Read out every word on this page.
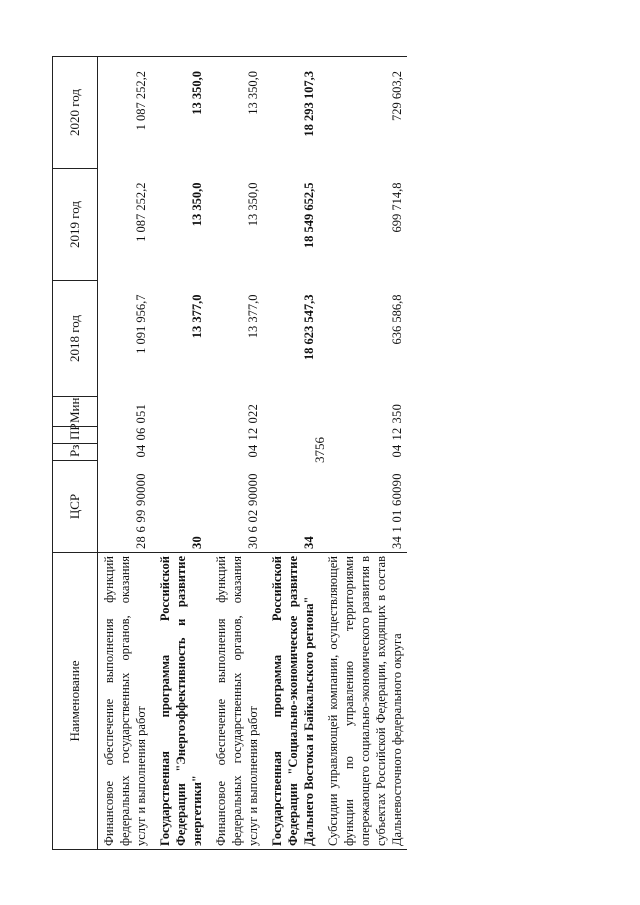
3756
Наименование	ЦСР	Рз	ПР	Мин	2018 год	2019 год	2020 год
Финансовое обеспечение выполнения функций федеральных государственных органов, оказания услуг и выполнения работ	28 6 99 90000	04	06	051	1 091 956,7	1 087 252,2	1 087 252,2
Государственная программа Российской Федерации "Энергоэффективность и развитие энергетики"	30				13 377,0	13 350,0	13 350,0
Финансовое обеспечение выполнения функций федеральных государственных органов, оказания услуг и выполнения работ	30 6 02 90000	04	12	022	13 377,0	13 350,0	13 350,0
Государственная программа Российской Федерации "Социально-экономическое развитие Дальнего Востока и Байкальского региона"	34				18 623 547,3	18 549 652,5	18 293 107,3
Субсидии управляющей компании, осуществляющей функции по управлению территориями опережающего социально-экономического развития в субъектах Российской Федерации, входящих в состав Дальневосточного федерального округа	34 1 01 60090	04	12	350	636 586,8	699 714,8	729 603,2
